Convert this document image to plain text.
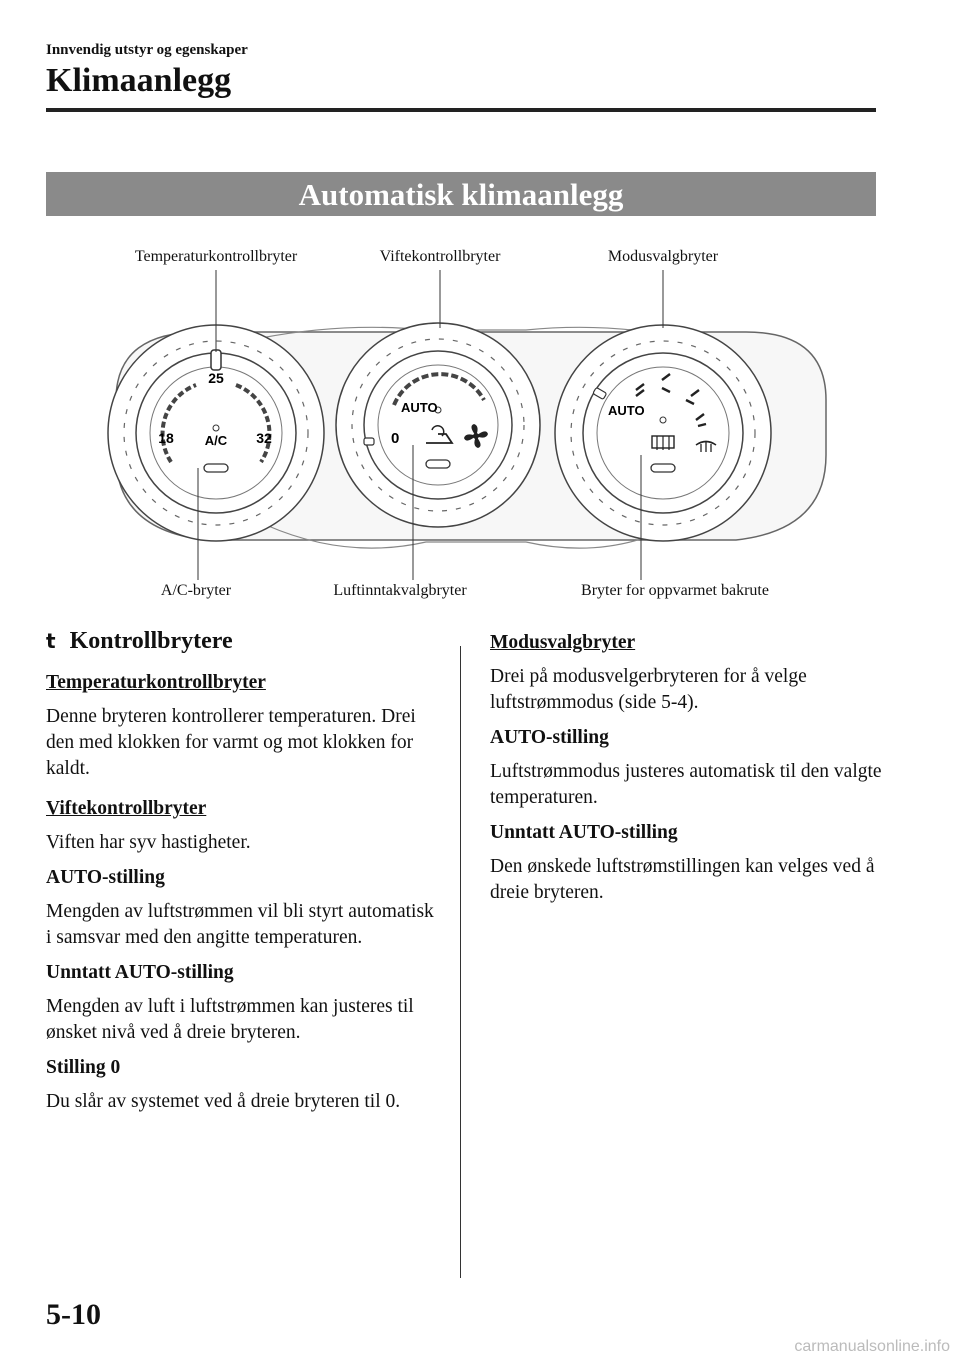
Innvendig utstyr og egenskaper
Klimaanlegg
Automatisk klimaanlegg
25
18	32
A/C
AUTO
0
AUTO
Temperaturkontrollbryter	Viftekontrollbryter	Modusvalgbryter
A/C-bryter	Luftinntakvalgbryter	Bryter for oppvarmet bakrute
t Kontrollbrytere

Temperaturkontrollbryter

Denne bryteren kontrollerer temperaturen. Drei den med klokken for varmt og mot klokken for kaldt.

Viftekontrollbryter

Viften har syv hastigheter.

AUTO-stilling

Mengden av luftstrømmen vil bli styrt automatisk i samsvar med den angitte temperaturen.

Unntatt AUTO-stilling

Mengden av luft i luftstrømmen kan justeres til ønsket nivå ved å dreie bryteren.

Stilling 0

Du slår av systemet ved å dreie bryteren til 0.

Modusvalgbryter

Drei på modusvelgerbryteren for å velge luftstrømmodus (side 5-4).

AUTO-stilling

Luftstrømmodus justeres automatisk til den valgte temperaturen.

Unntatt AUTO-stilling

Den ønskede luftstrømstillingen kan velges ved å dreie bryteren.

5-10
carmanualsonline.info
